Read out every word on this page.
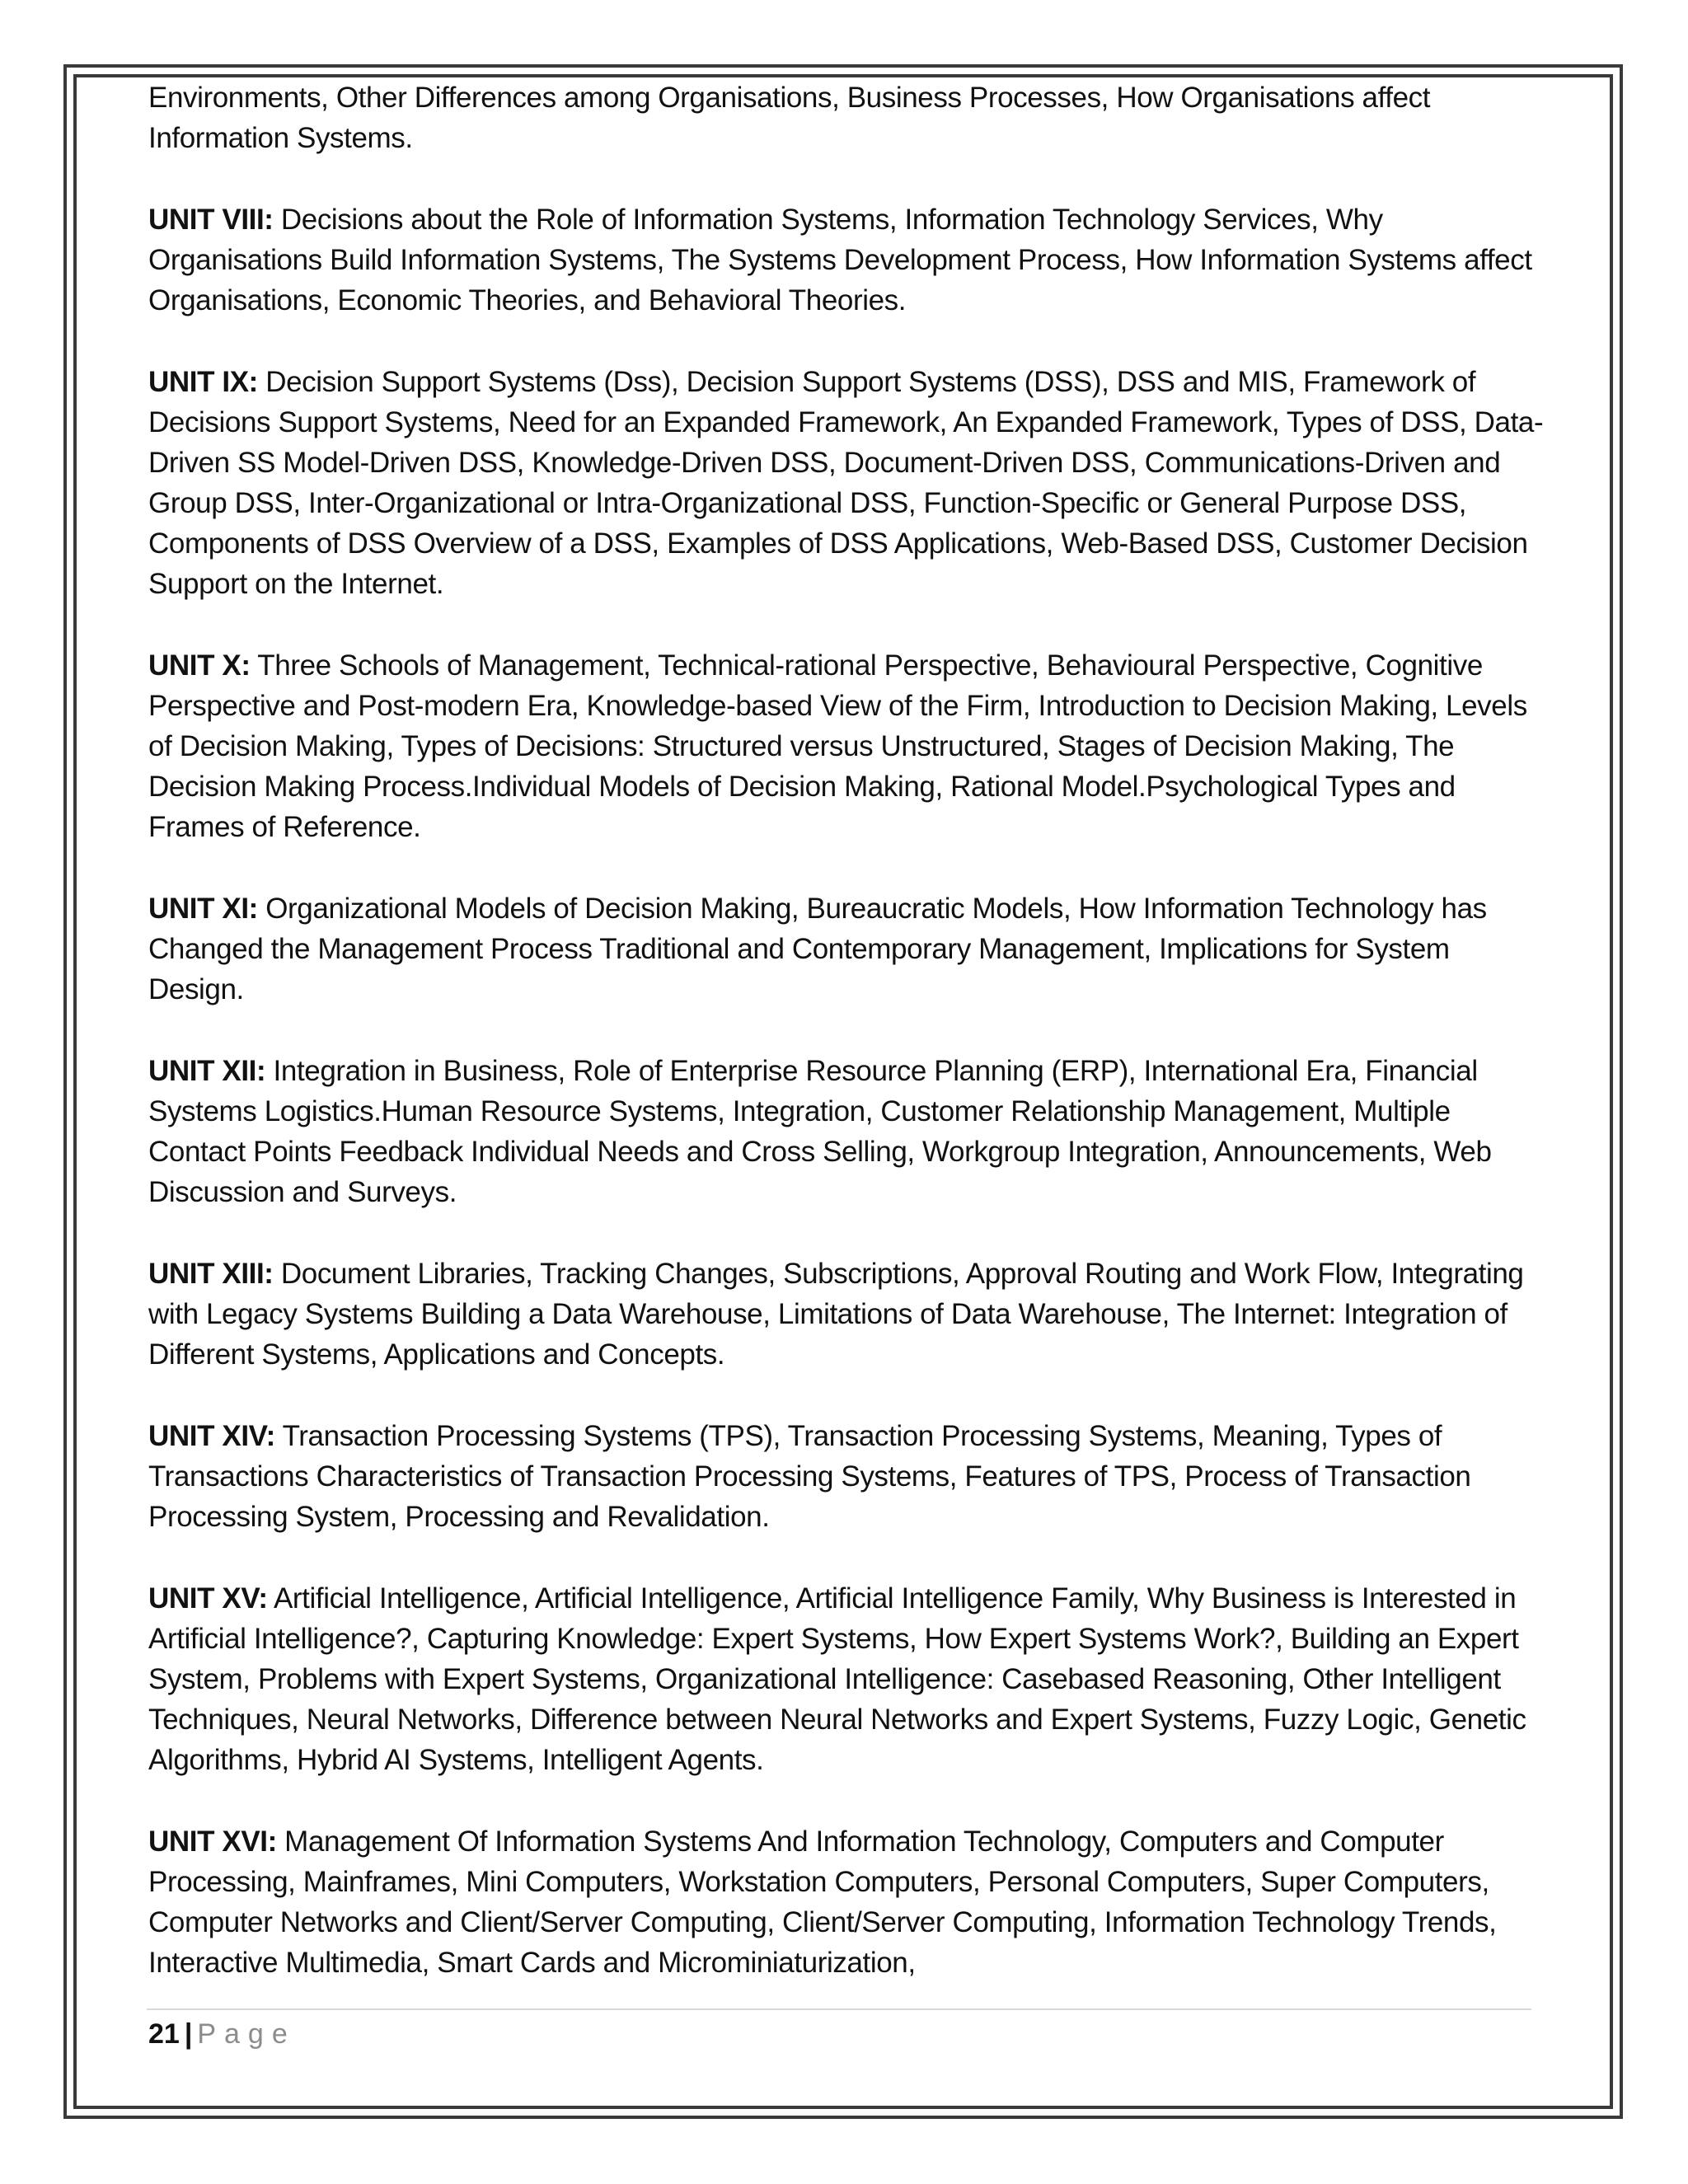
Environments, Other Differences among Organisations, Business Processes, How Organisations affect Information Systems.

UNIT VIII: Decisions about the Role of Information Systems, Information Technology Services, Why Organisations Build Information Systems, The Systems Development Process, How Information Systems affect Organisations, Economic Theories, and Behavioral Theories.

UNIT IX: Decision Support Systems (Dss), Decision Support Systems (DSS), DSS and MIS, Framework of Decisions Support Systems, Need for an Expanded Framework, An Expanded Framework, Types of DSS, Data-Driven SS Model-Driven DSS, Knowledge-Driven DSS, Document-Driven DSS, Communications-Driven and Group DSS, Inter-Organizational or Intra-Organizational DSS, Function-Specific or General Purpose DSS, Components of DSS Overview of a DSS, Examples of DSS Applications, Web-Based DSS, Customer Decision Support on the Internet.

UNIT X: Three Schools of Management, Technical-rational Perspective, Behavioural Perspective, Cognitive Perspective and Post-modern Era, Knowledge-based View of the Firm, Introduction to Decision Making, Levels of Decision Making, Types of Decisions: Structured versus Unstructured, Stages of Decision Making, The Decision Making Process.Individual Models of Decision Making, Rational Model.Psychological Types and Frames of Reference.

UNIT XI: Organizational Models of Decision Making, Bureaucratic Models, How Information Technology has Changed the Management Process Traditional and Contemporary Management, Implications for System Design.

UNIT XII: Integration in Business, Role of Enterprise Resource Planning (ERP), International Era, Financial Systems Logistics.Human Resource Systems, Integration, Customer Relationship Management, Multiple Contact Points Feedback Individual Needs and Cross Selling, Workgroup Integration, Announcements, Web Discussion and Surveys.

UNIT XIII: Document Libraries, Tracking Changes, Subscriptions, Approval Routing and Work Flow, Integrating with Legacy Systems Building a Data Warehouse, Limitations of Data Warehouse, The Internet: Integration of Different Systems, Applications and Concepts.

UNIT XIV: Transaction Processing Systems (TPS), Transaction Processing Systems, Meaning, Types of Transactions Characteristics of Transaction Processing Systems, Features of TPS, Process of Transaction Processing System, Processing and Revalidation.

UNIT XV: Artificial Intelligence, Artificial Intelligence, Artificial Intelligence Family, Why Business is Interested in Artificial Intelligence?, Capturing Knowledge: Expert Systems, How Expert Systems Work?, Building an Expert System, Problems with Expert Systems, Organizational Intelligence: Casebased Reasoning, Other Intelligent Techniques, Neural Networks, Difference between Neural Networks and Expert Systems, Fuzzy Logic, Genetic Algorithms, Hybrid AI Systems, Intelligent Agents.

UNIT XVI: Management Of Information Systems And Information Technology, Computers and Computer Processing, Mainframes, Mini Computers, Workstation Computers, Personal Computers, Super Computers, Computer Networks and Client/Server Computing, Client/Server Computing, Information Technology Trends, Interactive Multimedia, Smart Cards and Microminiaturization,

21 | Page
